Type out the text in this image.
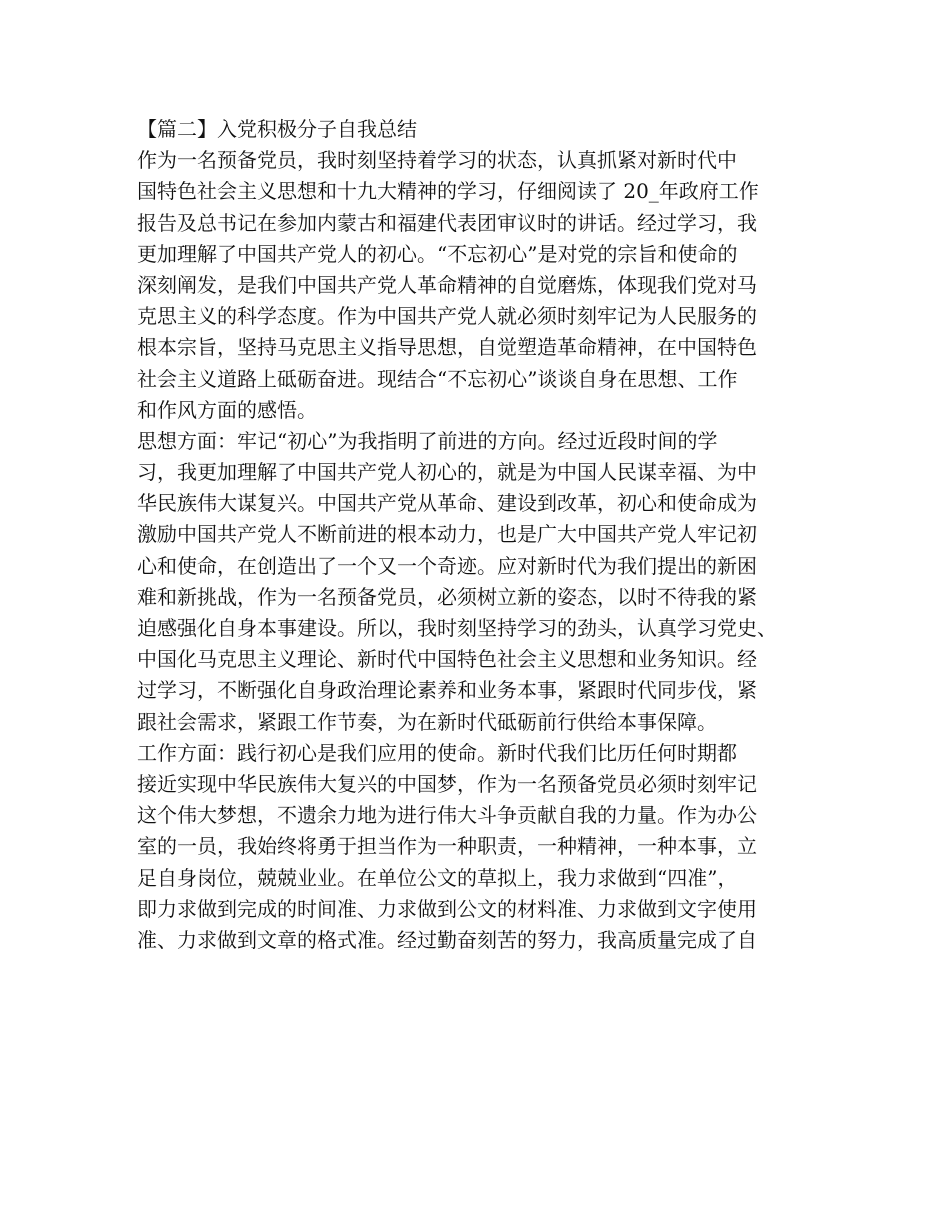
【篇二】入党积极分子自我总结
作为一名预备党员，我时刻坚持着学习的状态，认真抓紧对新时代中
国特色社会主义思想和十九大精神的学习，仔细阅读了 20_年政府工作
报告及总书记在参加内蒙古和福建代表团审议时的讲话。经过学习，我
更加理解了中国共产党人的初心。“不忘初心”是对党的宗旨和使命的
深刻阐发，是我们中国共产党人革命精神的自觉磨炼，体现我们党对马
克思主义的科学态度。作为中国共产党人就必须时刻牢记为人民服务的
根本宗旨，坚持马克思主义指导思想，自觉塑造革命精神，在中国特色
社会主义道路上砥砺奋进。现结合“不忘初心”谈谈自身在思想、工作
和作风方面的感悟。
思想方面：牢记“初心”为我指明了前进的方向。经过近段时间的学
习，我更加理解了中国共产党人初心的，就是为中国人民谋幸福、为中
华民族伟大谋复兴。中国共产党从革命、建设到改革，初心和使命成为
激励中国共产党人不断前进的根本动力，也是广大中国共产党人牢记初
心和使命，在创造出了一个又一个奇迹。应对新时代为我们提出的新困
难和新挑战，作为一名预备党员，必须树立新的姿态，以时不待我的紧
迫感强化自身本事建设。所以，我时刻坚持学习的劲头，认真学习党史、
中国化马克思主义理论、新时代中国特色社会主义思想和业务知识。经
过学习，不断强化自身政治理论素养和业务本事，紧跟时代同步伐，紧
跟社会需求，紧跟工作节奏，为在新时代砥砺前行供给本事保障。
工作方面：践行初心是我们应用的使命。新时代我们比历任何时期都
接近实现中华民族伟大复兴的中国梦，作为一名预备党员必须时刻牢记
这个伟大梦想，不遗余力地为进行伟大斗争贡献自我的力量。作为办公
室的一员，我始终将勇于担当作为一种职责，一种精神，一种本事，立
足自身岗位，兢兢业业。在单位公文的草拟上，我力求做到“四准”，
即力求做到完成的时间准、力求做到公文的材料准、力求做到文字使用
准、力求做到文章的格式准。经过勤奋刻苦的努力，我高质量完成了自
